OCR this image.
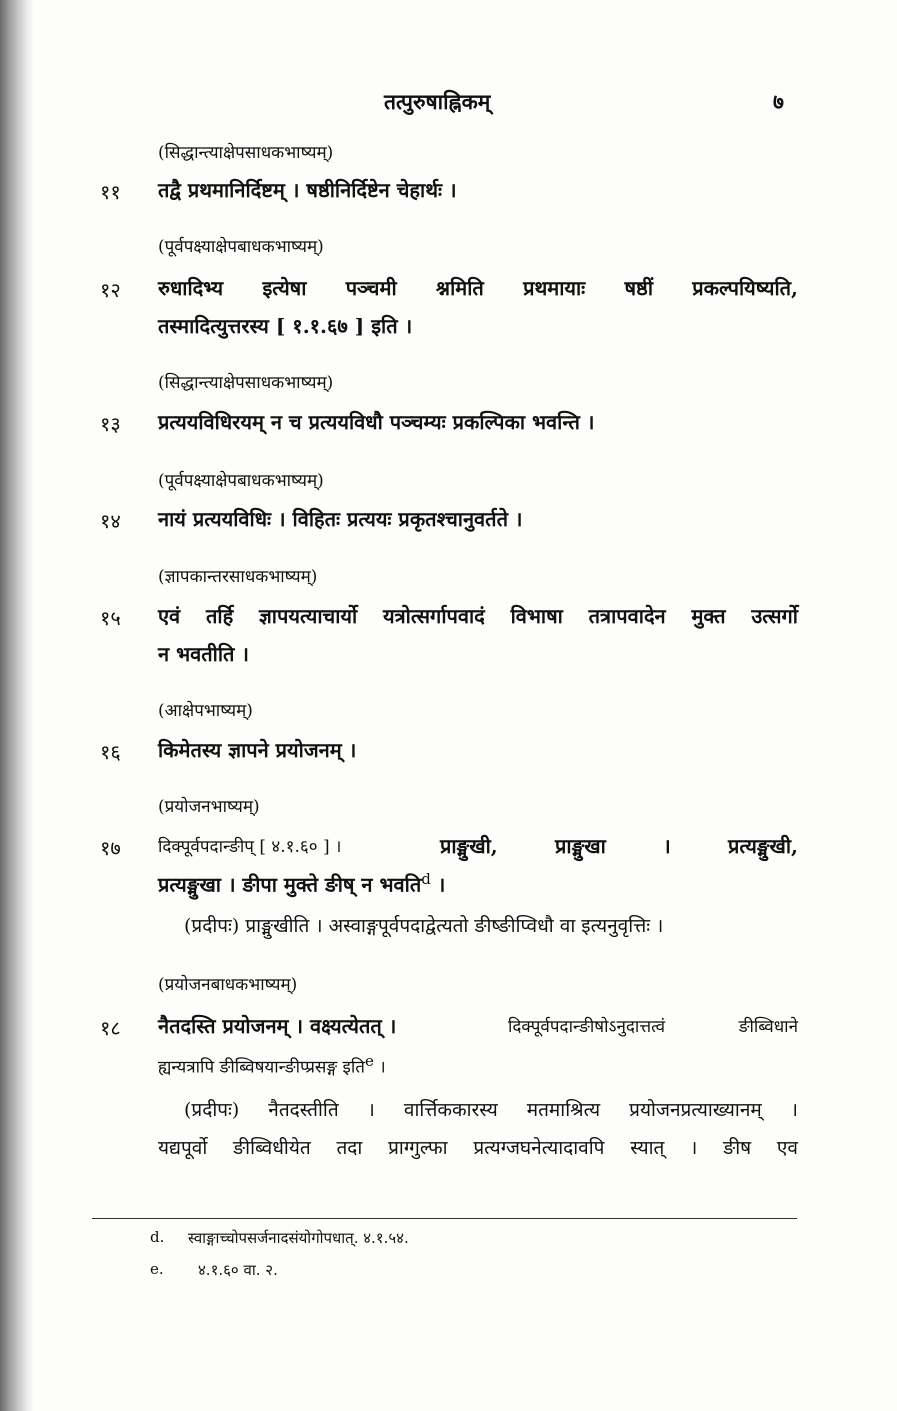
तत्पुरुषाह्निकम्	७
(सिद्धान्त्याक्षेपसाधकभाष्यम्)
११ तद्वै प्रथमानिर्दिष्टम् । षष्ठीनिर्दिष्टेन चेहार्थः ।
(पूर्वपक्ष्याक्षेपबाधकभाष्यम्)
१२ रुधादिभ्य इत्येषा पञ्चमी श्नमिति प्रथमायाः षष्ठीं प्रकल्पयिष्यति,
तस्मादित्युत्तरस्य [ १.१.६७ ] इति ।
(सिद्धान्त्याक्षेपसाधकभाष्यम्)
१३ प्रत्ययविधिरयम् न च प्रत्ययविधौ पञ्चम्यः प्रकल्पिका भवन्ति ।
(पूर्वपक्ष्याक्षेपबाधकभाष्यम्)
१४ नायं प्रत्ययविधिः । विहितः प्रत्ययः प्रकृतश्चानुवर्तते ।
(ज्ञापकान्तरसाधकभाष्यम्)
१५ एवं तर्हि ज्ञापयत्याचार्यो यत्रोत्सर्गापवादं विभाषा तत्रापवादेन मुक्त उत्सर्गो
न भवतीति ।
(आक्षेपभाष्यम्)
१६ किमेतस्य ज्ञापने प्रयोजनम् ।
(प्रयोजनभाष्यम्)
१७ दिक्पूर्वपदान्ङीप् [ ४.१.६० ] ।	प्राङ्मुखी, प्राङ्मुखा । प्रत्यङ्मुखी,
प्रत्यङ्मुखा । ङीपा मुक्ते ङीष् न भवति$^d$ ।
(प्रदीपः) प्राङ्मुखीति । अस्वाङ्गपूर्वपदाद्वेत्यतो ङीष्ङीप्विधौ वा इत्यनुवृत्तिः ।
(प्रयोजनबाधकभाष्यम्)
१८ नैतदस्ति प्रयोजनम् । वक्ष्यत्येतत् ।	दिक्पूर्वपदान्ङीषोऽनुदात्तत्वं ङीब्विधाने
ह्यन्यत्रापि ङीब्विषयान्ङीप्प्रसङ्ग इति$^e$ ।
(प्रदीपः) नैतदस्तीति । वार्त्तिककारस्य मतमाश्रित्य प्रयोजनप्रत्याख्यानम् ।
यद्यपूर्वो ङीब्विधीयेत तदा प्राग्गुल्फा प्रत्यग्जघनेत्यादावपि स्यात् । ङीष एव
d. स्वाङ्गाच्चोपसर्जनादसंयोगोपधात्. ४.१.५४.
e. ४.१.६० वा. २.
